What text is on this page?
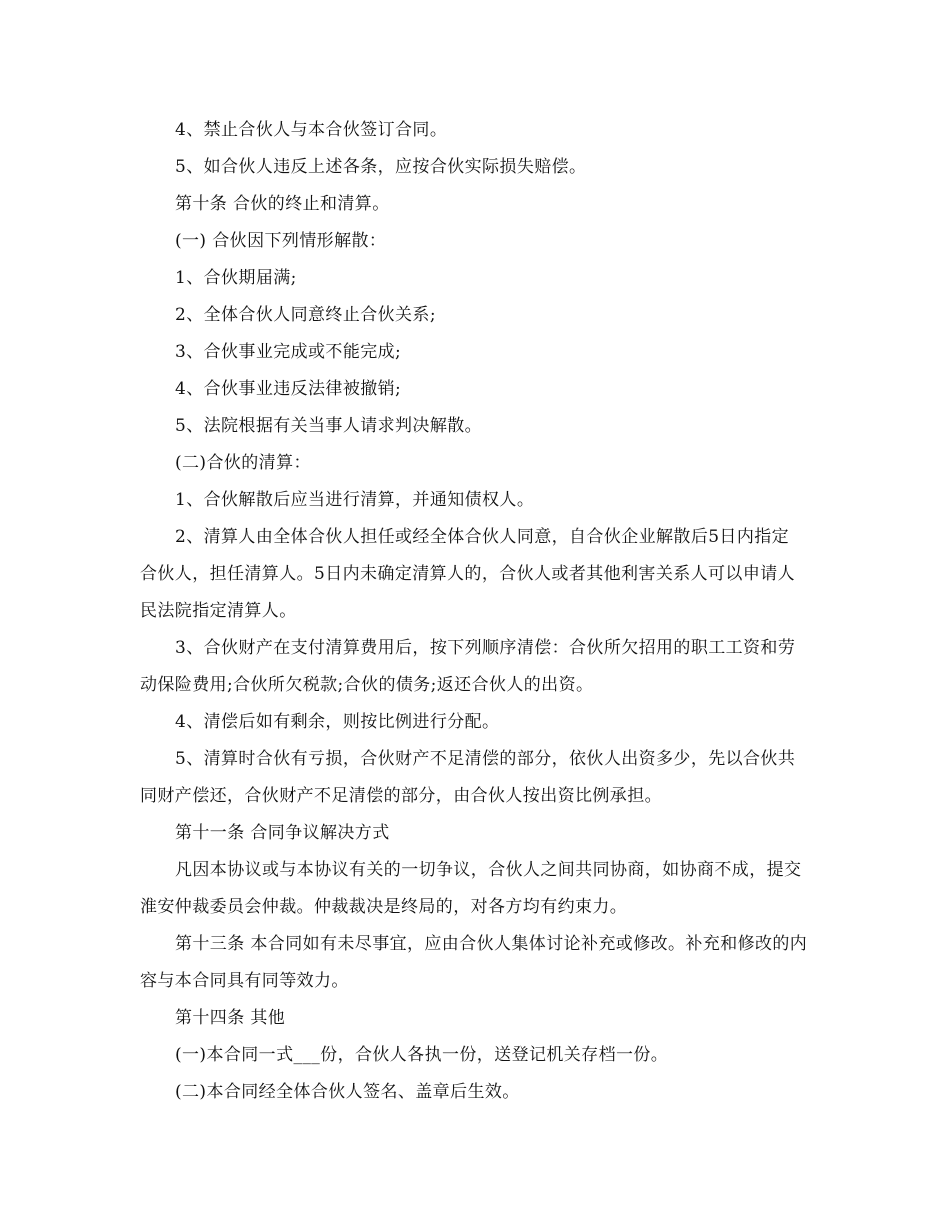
4、禁止合伙人与本合伙签订合同。

5、如合伙人违反上述各条，应按合伙实际损失赔偿。

第十条 合伙的终止和清算。

(一) 合伙因下列情形解散：

1、合伙期届满;

2、全体合伙人同意终止合伙关系;

3、合伙事业完成或不能完成;

4、合伙事业违反法律被撤销;

5、法院根据有关当事人请求判决解散。

(二)合伙的清算：

1、合伙解散后应当进行清算，并通知债权人。

2、清算人由全体合伙人担任或经全体合伙人同意，自合伙企业解散后5日内指定 合伙人，担任清算人。5日内未确定清算人的，合伙人或者其他利害关系人可以申请人民法院指定清算人。

3、合伙财产在支付清算费用后，按下列顺序清偿：合伙所欠招用的职工工资和劳动保险费用;合伙所欠税款;合伙的债务;返还合伙人的出资。

4、清偿后如有剩余，则按比例进行分配。

5、清算时合伙有亏损，合伙财产不足清偿的部分，依伙人出资多少，先以合伙共同财产偿还，合伙财产不足清偿的部分，由合伙人按出资比例承担。

第十一条 合同争议解决方式

凡因本协议或与本协议有关的一切争议，合伙人之间共同协商，如协商不成，提交淮安仲裁委员会仲裁。仲裁裁决是终局的，对各方均有约束力。

第十三条 本合同如有未尽事宜，应由合伙人集体讨论补充或修改。补充和修改的内容与本合同具有同等效力。

第十四条 其他

(一)本合同一式___份，合伙人各执一份，送登记机关存档一份。

(二)本合同经全体合伙人签名、盖章后生效。
